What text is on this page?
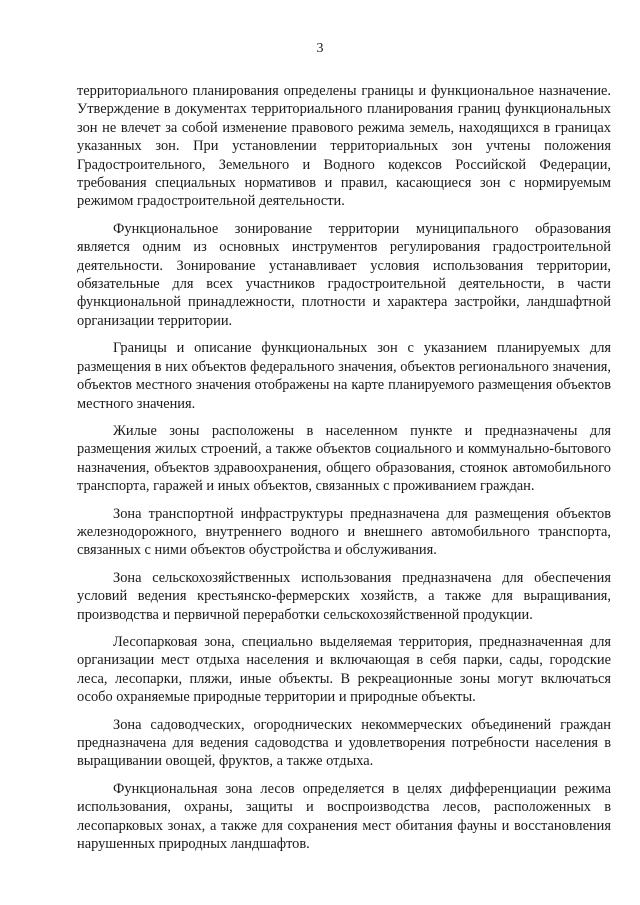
3

территориального планирования определены границы и функциональное назначение. Утверждение в документах территориального планирования границ функциональных зон не влечет за собой изменение правового режима земель, находящихся в границах указанных зон. При установлении территориальных зон учтены положения Градостроительного, Земельного и Водного кодексов Российской Федерации, требования специальных нормативов и правил, касающиеся зон с нормируемым режимом градостроительной деятельности.

Функциональное зонирование территории муниципального образования является одним из основных инструментов регулирования градостроительной деятельности. Зонирование устанавливает условия использования территории, обязательные для всех участников градостроительной деятельности, в части функциональной принадлежности, плотности и характера застройки, ландшафтной организации территории.

Границы и описание функциональных зон с указанием планируемых для размещения в них объектов федерального значения, объектов регионального значения, объектов местного значения отображены на карте планируемого размещения объектов местного значения.

Жилые зоны расположены в населенном пункте и предназначены для размещения жилых строений, а также объектов социального и коммунально-бытового назначения, объектов здравоохранения, общего образования, стоянок автомобильного транспорта, гаражей и иных объектов, связанных с проживанием граждан.

Зона транспортной инфраструктуры предназначена для размещения объектов железнодорожного, внутреннего водного и внешнего автомобильного транспорта, связанных с ними объектов обустройства и обслуживания.

Зона сельскохозяйственных использования предназначена для обеспечения условий ведения крестьянско-фермерских хозяйств, а также для выращивания, производства и первичной переработки сельскохозяйственной продукции.

Лесопарковая зона, специально выделяемая территория, предназначенная для организации мест отдыха населения и включающая в себя парки, сады, городские леса, лесопарки, пляжи, иные объекты. В рекреационные зоны могут включаться особо охраняемые природные территории и природные объекты.

Зона садоводческих, огороднических некоммерческих объединений граждан предназначена для ведения садоводства и удовлетворения потребности населения в выращивании овощей, фруктов, а также отдыха.

Функциональная зона лесов определяется в целях дифференциации режима использования, охраны, защиты и воспроизводства лесов, расположенных в лесопарковых зонах, а также для сохранения мест обитания фауны и восстановления нарушенных природных ландшафтов.
